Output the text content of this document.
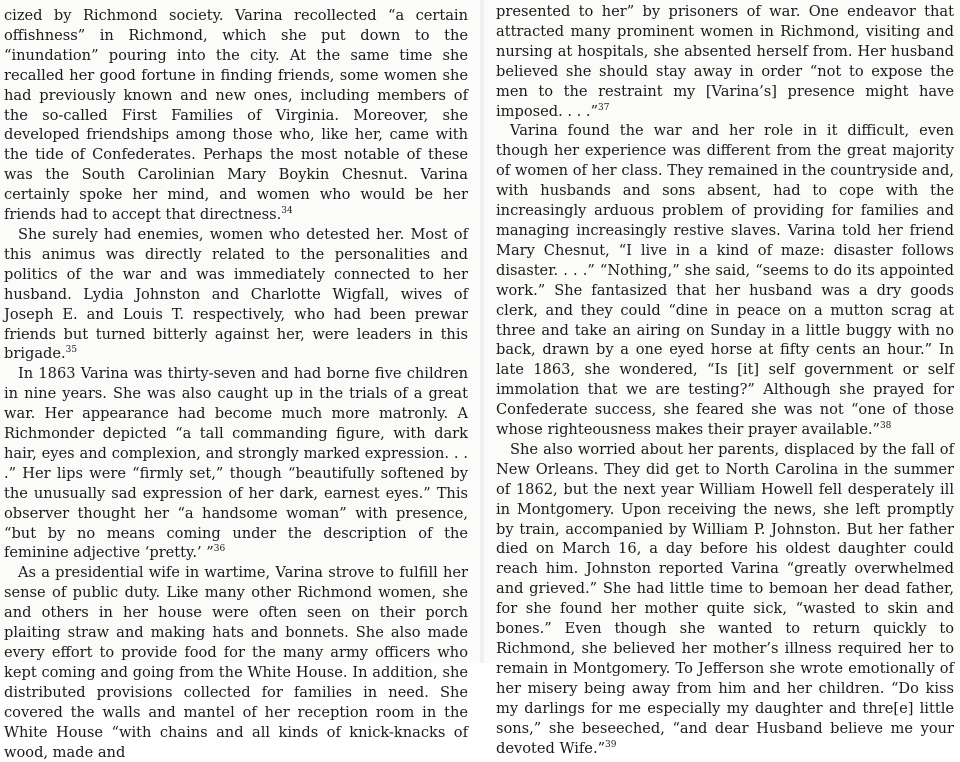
cized by Richmond society. Varina recollected “a certain offishness” in Richmond, which she put down to the “inundation” pouring into the city. At the same time she recalled her good fortune in finding friends, some women she had previously known and new ones, including members of the so-called First Families of Virginia. Moreover, she developed friendships among those who, like her, came with the tide of Confederates. Perhaps the most notable of these was the South Carolinian Mary Boykin Chesnut. Varina certainly spoke her mind, and women who would be her friends had to accept that directness.$^{34}$

She surely had enemies, women who detested her. Most of this animus was directly related to the personalities and politics of the war and was immediately connected to her husband. Lydia Johnston and Charlotte Wigfall, wives of Joseph E. and Louis T. respectively, who had been prewar friends but turned bitterly against her, were leaders in this brigade.$^{35}$

In 1863 Varina was thirty-seven and had borne five children in nine years. She was also caught up in the trials of a great war. Her appearance had become much more matronly. A Richmonder depicted “a tall commanding figure, with dark hair, eyes and complexion, and strongly marked expression. . . .” Her lips were “firmly set,” though “beautifully softened by the unusually sad expression of her dark, earnest eyes.” This observer thought her “a handsome woman” with presence, “but by no means coming under the description of the feminine adjective ‘pretty.’ ”$^{36}$

As a presidential wife in wartime, Varina strove to fulfill her sense of public duty. Like many other Richmond women, she and others in her house were often seen on their porch plaiting straw and making hats and bonnets. She also made every effort to provide food for the many army officers who kept coming and going from the White House. In addition, she distributed provisions collected for families in need. She covered the walls and mantel of her reception room in the White House “with chains and all kinds of knick-knacks of wood, made and

presented to her” by prisoners of war. One endeavor that attracted many prominent women in Richmond, visiting and nursing at hospitals, she absented herself from. Her husband believed she should stay away in order “not to expose the men to the restraint my [Varina’s] presence might have imposed. . . .”$^{37}$

Varina found the war and her role in it difficult, even though her experience was different from the great majority of women of her class. They remained in the countryside and, with husbands and sons absent, had to cope with the increasingly arduous problem of providing for families and managing increasingly restive slaves. Varina told her friend Mary Chesnut, “I live in a kind of maze: disaster follows disaster. . . .” “Nothing,” she said, “seems to do its appointed work.” She fantasized that her husband was a dry goods clerk, and they could “dine in peace on a mutton scrag at three and take an airing on Sunday in a little buggy with no back, drawn by a one eyed horse at fifty cents an hour.” In late 1863, she wondered, “Is [it] self government or self immolation that we are testing?” Although she prayed for Confederate success, she feared she was not “one of those whose righteousness makes their prayer available.”$^{38}$

She also worried about her parents, displaced by the fall of New Orleans. They did get to North Carolina in the summer of 1862, but the next year William Howell fell desperately ill in Montgomery. Upon receiving the news, she left promptly by train, accompanied by William P. Johnston. But her father died on March 16, a day before his oldest daughter could reach him. Johnston reported Varina “greatly overwhelmed and grieved.” She had little time to bemoan her dead father, for she found her mother quite sick, “wasted to skin and bones.” Even though she wanted to return quickly to Richmond, she believed her mother’s illness required her to remain in Montgomery. To Jefferson she wrote emotionally of her misery being away from him and her children. “Do kiss my darlings for me especially my daughter and thre[e] little sons,” she beseeched, “and dear Husband believe me your devoted Wife.”$^{39}$
